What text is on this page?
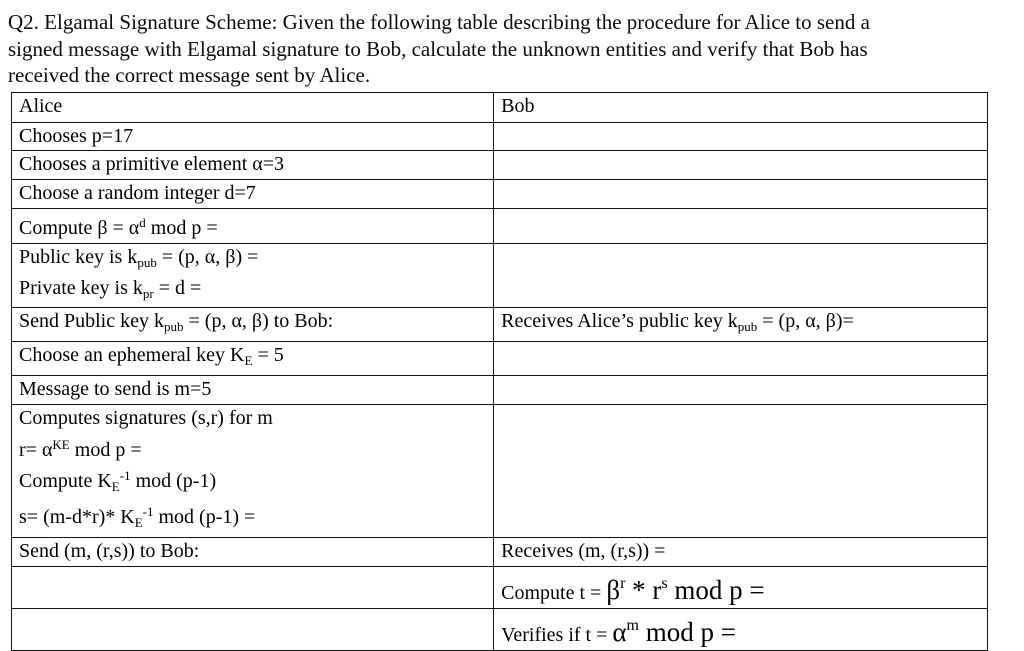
Q2. Elgamal Signature Scheme: Given the following table describing the procedure for Alice to send a
signed message with Elgamal signature to Bob, calculate the unknown entities and verify that Bob has
received the correct message sent by Alice.
Alice	Bob

Chooses p=17	

Chooses a primitive element α=3	

Choose a random integer d=7	

Compute $\beta = \alpha^d$ mod p =	

Public key is $k_{pub} = (p$, α, β) =
Private key is $k_{pr} = d$ =	

Send Public key $k_{pub} = (p$, α, β) to Bob:	Receives Alice’s public key $k_{pub} = (p$, α, β)=

Choose an ephemeral key $K_E = 5$	

Message to send is m=5	

Computes signatures (s,r) for m
$r= \alpha^{KE}$ mod p =
Compute $K_E^{-1}$ mod (p-1)
s= (m-d*r)* $K_E^{-1}$ mod (p-1) =	

Send (m, (r,s)) to Bob:	Receives (m, (r,s)) =

	Compute $t = \beta^r * r^s$ mod p =

	Verifies if $t = \alpha^m$ mod p =
